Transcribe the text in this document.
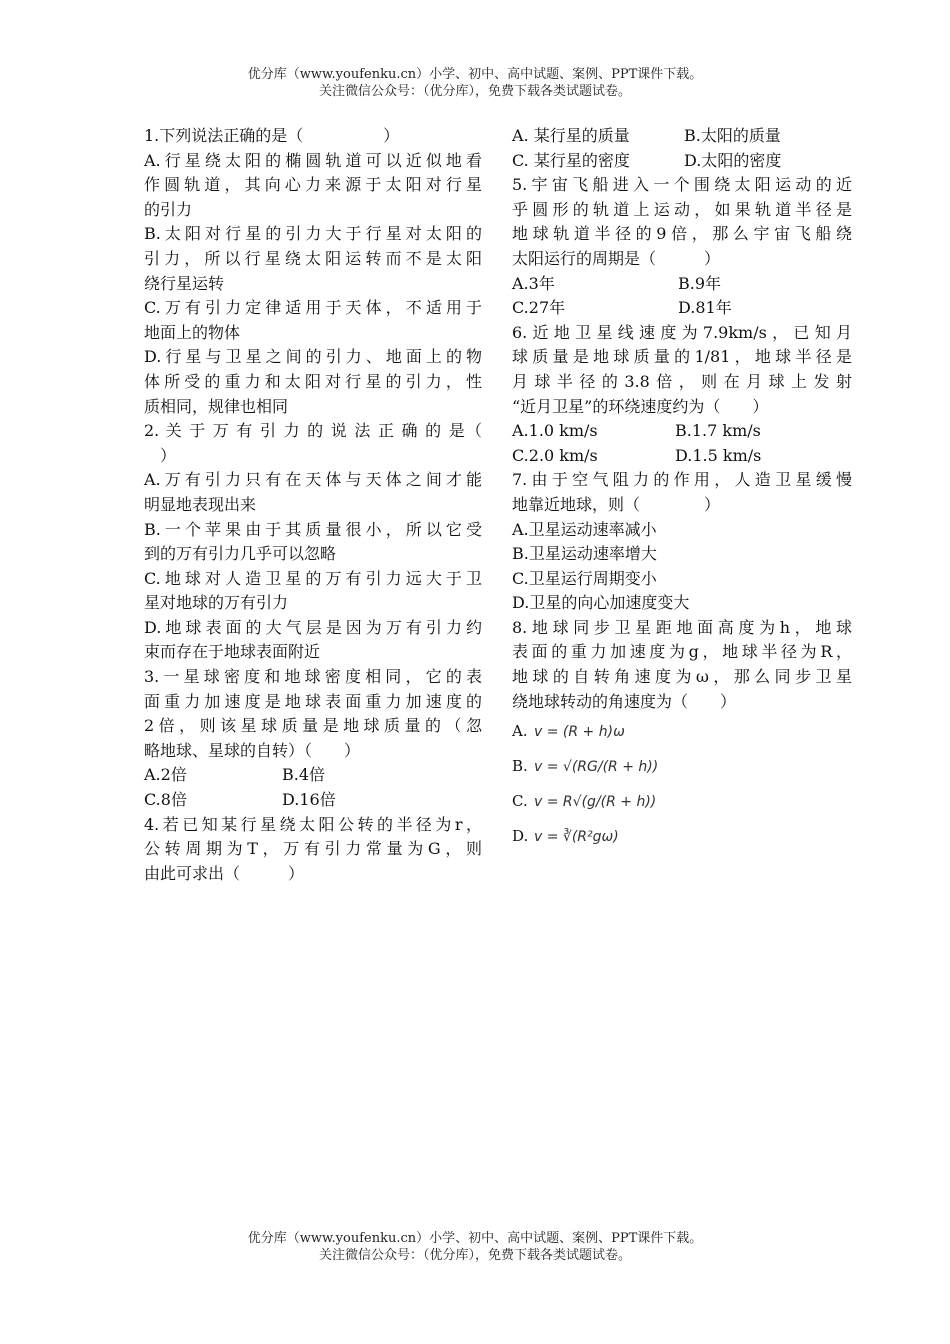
优分库（www.youfenku.cn）小学、初中、高中试题、案例、PPT课件下载。
关注微信公众号：（优分库），免费下载各类试题试卷。
1.下列说法正确的是（　　　　　）
A.行星绕太阳的椭圆轨道可以近似地看
作圆轨道，其向心力来源于太阳对行星
的引力
B.太阳对行星的引力大于行星对太阳的
引力，所以行星绕太阳运转而不是太阳
绕行星运转
C.万有引力定律适用于天体，不适用于
地面上的物体
D.行星与卫星之间的引力、地面上的物
体所受的重力和太阳对行星的引力，性
质相同，规律也相同
2. 关 于 万 有 引 力 的 说 法 正 确 的 是（
　）
A.万有引力只有在天体与天体之间才能
明显地表现出来
B.一个苹果由于其质量很小，所以它受
到的万有引力几乎可以忽略
C.地球对人造卫星的万有引力远大于卫
星对地球的万有引力
D.地球表面的大气层是因为万有引力约
束而存在于地球表面附近
3.一星球密度和地球密度相同，它的表
面重力加速度是地球表面重力加速度的
2倍，则该星球质量是地球质量的（忽
略地球、星球的自转）（　　）
A.2倍	B.4倍
C.8倍	D.16倍
4.若已知某行星绕太阳公转的半径为r，
公转周期为T，万有引力常量为G，则
由此可求出（　　　）
A. 某行星的质量	B.太阳的质量
C. 某行星的密度	D.太阳的密度
5.宇宙飞船进入一个围绕太阳运动的近
乎圆形的轨道上运动，如果轨道半径是
地球轨道半径的9倍，那么宇宙飞船绕
太阳运行的周期是（　　　）
A.3年	B.9年
C.27年	D.81年
6.近地卫星线速度为7.9km/s，已知月
球质量是地球质量的1/81，地球半径是
月球半径的3.8倍，则在月球上发射
“近月卫星”的环绕速度约为（　　）
A.1.0 km/s	B.1.7 km/s
C.2.0 km/s	D.1.5 km/s
7.由于空气阻力的作用，人造卫星缓慢
地靠近地球，则（　　　　）
A.卫星运动速率减小
B.卫星运动速率增大
C.卫星运行周期变小
D.卫星的向心加速度变大
8.地球同步卫星距地面高度为h，地球
表面的重力加速度为g，地球半径为R，
地球的自转角速度为ω，那么同步卫星
绕地球转动的角速度为（　　）
A. v = (R + h)ω
B. v = √(RG/(R + h))
C. v = R√(g/(R + h))
D. v = ∛(R²gω)
优分库（www.youfenku.cn）小学、初中、高中试题、案例、PPT课件下载。
关注微信公众号：（优分库），免费下载各类试题试卷。
